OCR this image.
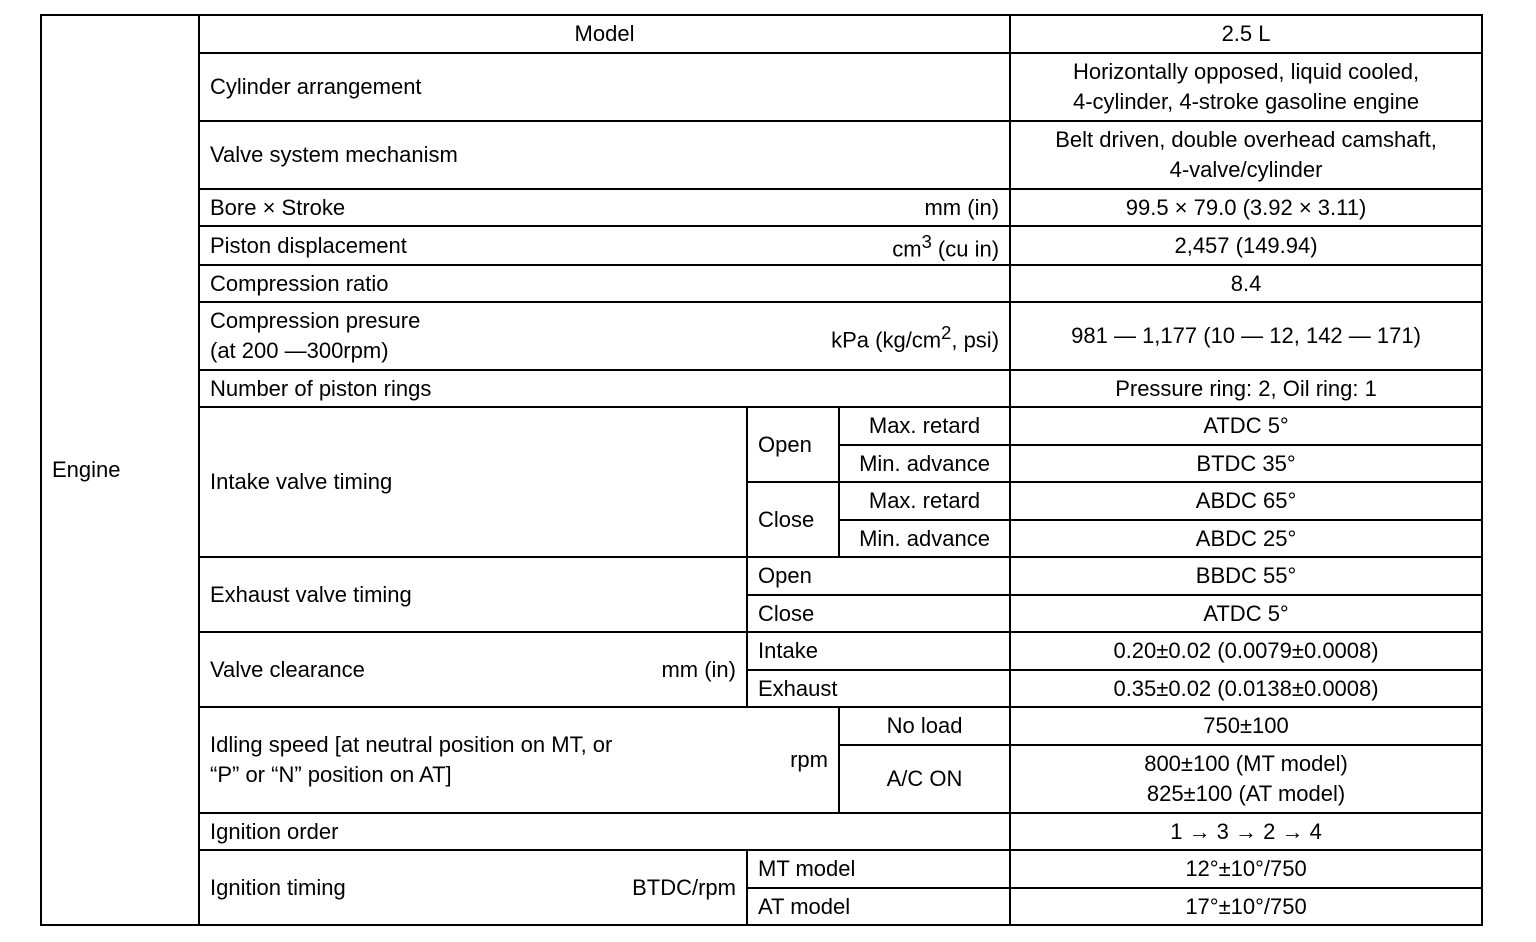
Engine	Model			2.5 L
	Cylinder arrangement			Horizontally opposed, liquid cooled,
4-cylinder, 4-stroke gasoline engine

	Valve system mechanism			Belt driven, double overhead camshaft,
4-valve/cylinder

	Bore × Stroke mm (in)			99.5 × 79.0 (3.92 × 3.11)

	Piston displacement $cm^3$ (cu in)			2,457 (149.94)
	Compression ratio			8.4

	Compression presure
(at 200 —300rpm) kPa ($kg/cm^2$, psi)			981 — 1,177 (10 — 12, 142 — 171)
	Number of piston rings			Pressure ring: 2, Oil ring: 1
	Intake valve timing	Open	Max. retard	ATDC 5°
			Min. advance	BTDC 35°
		Close	Max. retard	ABDC 65°
			Min. advance	ABDC 25°
	Exhaust valve timing	Open		BBDC 55°
		Close		ATDC 5°

	Valve clearance mm (in)	Intake		0.20±0.02 (0.0079±0.0008)
		Exhaust		0.35±0.02 (0.0138±0.0008)

	Idling speed [at neutral position on MT, or
“P” or “N” position on AT]
rpm		No load	750±100
			A/C ON	800±100 (MT model)
825±100 (AT model)

	Ignition order			1 → 3 → 2 → 4

	Ignition timing BTDC/rpm	MT model		12°±10°/750
		AT model		17°±10°/750
